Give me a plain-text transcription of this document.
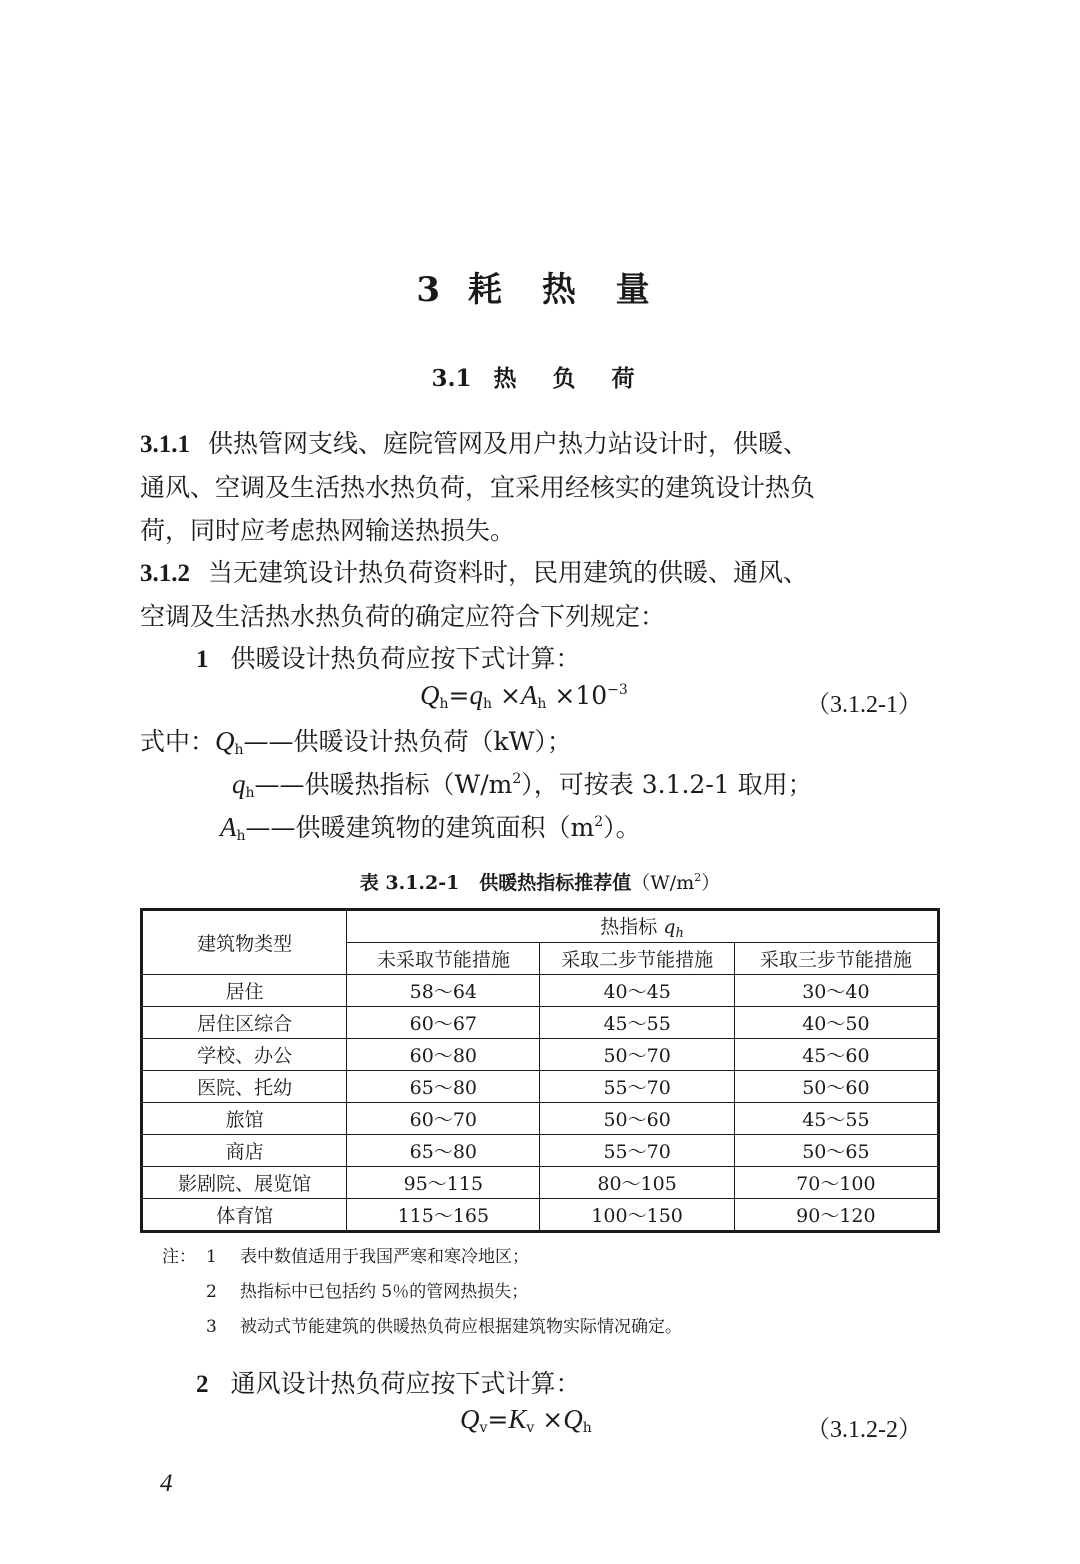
3 耗 热 量
3.1 热 负 荷
3.1.1 供热管网支线、庭院管网及用户热力站设计时，供暖、
通风、空调及生活热水热负荷，宜采用经核实的建筑设计热负
荷，同时应考虑热网输送热损失。
3.1.2 当无建筑设计热负荷资料时，民用建筑的供暖、通风、
空调及生活热水热负荷的确定应符合下列规定：
1 供暖设计热负荷应按下式计算：
$Q_h=q_h \times A_h \times 10^{-3}$
（3.1.2-1）
式中：$Q_h——$供暖设计热负荷（kW）；
$q_h——$供暖热指标$(W/m^2)$，可按表 3.1.2-1 取用；
$A_h——$供暖建筑物的建筑面积$(m^2)$。
表 3.1.2-1 供暖热指标推荐值$(W/m^2)$
建筑物类型	热指标 $q_h$
	未采取节能措施	采取二步节能措施	采取三步节能措施
居住	58～64	40～45	30～40
居住区综合	60～67	45～55	40～50
学校、办公	60～80	50～70	45～60
医院、托幼	65～80	55～70	50～60
旅馆	60～70	50～60	45～55
商店	65～80	55～70	50～65
影剧院、展览馆	95～115	80～105	70～100
体育馆	115～165	100～150	90～120
注： 1 表中数值适用于我国严寒和寒冷地区；
2 热指标中已包括约 5％的管网热损失；
3 被动式节能建筑的供暖热负荷应根据建筑物实际情况确定。
2 通风设计热负荷应按下式计算：
$Q_v=K_v \times Q_h$	（3.1.2-2）
4
